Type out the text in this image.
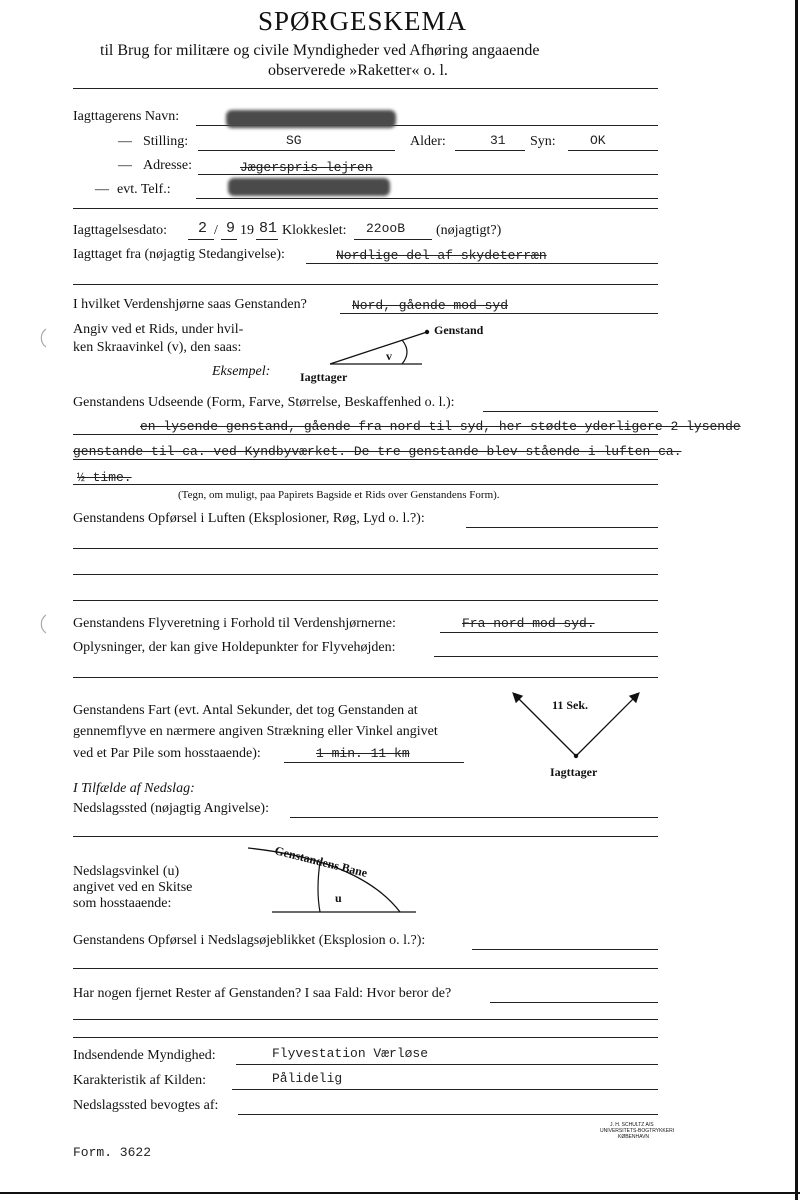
SPØRGESKEMA
til Brug for militære og civile Myndigheder ved Afhøring angaaende
observerede »Raketter« o. l.
Iagttagerens Navn:
— Stilling:	SG	Alder:	31 Syn:	OK
— Adresse:	Jægerspris lejren
— evt. Telf.:
Iagttagelsesdato: 2 / 9 19 81 Klokkeslet: 22ooB (nøjagtigt?)
Iagttaget fra (nøjagtig Stedangivelse):	Nordlige del af skydeterræn
I hvilket Verdenshjørne saas Genstanden?	Nord, gående mod syd
Angiv ved et Rids, under hvil-
ken Skraavinkel (v), den saas:
Eksempel:
Genstand
v
Iagttager
Genstandens Udseende (Form, Farve, Størrelse, Beskaffenhed o. l.):
en lysende genstand, gående fra nord til syd, her stødte yderligere 2 lysende
genstande til ca. ved Kyndbyværket. De tre genstande blev stående i luften ca.
½ time.
(Tegn, om muligt, paa Papirets Bagside et Rids over Genstandens Form).
Genstandens Opførsel i Luften (Eksplosioner, Røg, Lyd o. l.?):
Genstandens Flyveretning i Forhold til Verdenshjørnerne:	Fra nord mod syd.
Oplysninger, der kan give Holdepunkter for Flyvehøjden:
Genstandens Fart (evt. Antal Sekunder, det tog Genstanden at
gennemflyve en nærmere angiven Strækning eller Vinkel angivet
ved et Par Pile som hosstaaende):	1 min. 11 km
11 Sek.
Iagttager
I Tilfælde af Nedslag:
Nedslagssted (nøjagtig Angivelse):
Nedslagsvinkel (u)
angivet ved en Skitse
som hosstaaende:
Genstandens Bane
u
Genstandens Opførsel i Nedslagsøjeblikket (Eksplosion o. l.?):
Har nogen fjernet Rester af Genstanden? I saa Fald: Hvor beror de?
Indsendende Myndighed:	Flyvestation Værløse
Karakteristik af Kilden:	Pålidelig
Nedslagssted bevogtes af:
J. H. SCHULTZ A/S
UNIVERSITETS-BOGTRYKKERI
KØBENHAVN
Form. 3622
